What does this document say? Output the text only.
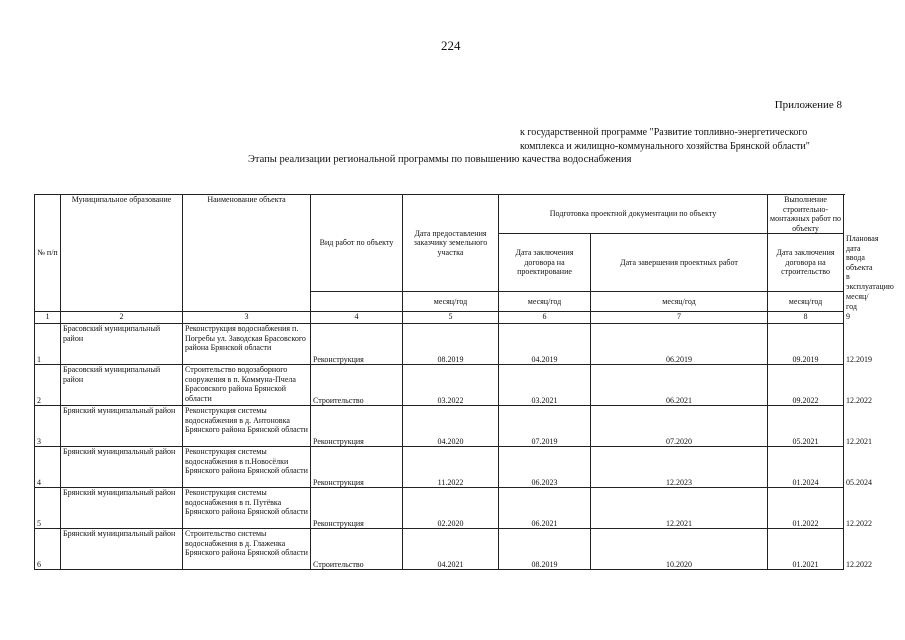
224
Приложение 8
к государственной программе "Развитие топливно-энергетического
комплекса и жилищно-коммунального хозяйства Брянской области"
Этапы реализации региональной программы по повышению качества водоснабжения
№ п/п	Муниципальное образование	Наименование объекта	Вид работ по объекту	Дата предоставления заказчику земельного участка	Подготовка проектной документации по объекту		Выполнение строительно-монтажных работ по объекту	
					Дата заключения договора на проектирование	Дата завершения проектных работ	Дата заключения договора на строительство	Плановая дата ввода объекта в эксплуатацию
				месяц/год	месяц/год	месяц/год	месяц/год	месяц/год
1	2	3	4	5	6	7	8	9
1	Брасовский муниципальный район	Реконструкция водоснабжения п. Погребы ул. Заводская Брасовского района Брянской области	Реконструкция	08.2019	04.2019	06.2019	09.2019	12.2019
2	Брасовский муниципальный район	Строительство водозаборного сооружения в п. Коммуна-Пчела Брасовского района Брянской области	Строительство	03.2022	03.2021	06.2021	09.2022	12.2022
3	Брянский муниципальный район	Реконструкция системы водоснабжения в д. Антоновка Брянского района Брянской области	Реконструкция	04.2020	07.2019	07.2020	05.2021	12.2021
4	Брянский муниципальный район	Реконструкция системы водоснабжения в п.Новосёлки Брянского района Брянской области	Реконструкция	11.2022	06.2023	12.2023	01.2024	05.2024
5	Брянский муниципальный район	Реконструкция системы водоснабжения в п. Путёвка Брянского района Брянской области	Реконструкция	02.2020	06.2021	12.2021	01.2022	12.2022
6	Брянский муниципальный район	Строительство системы водоснабжения в д. Глаженка Брянского района Брянской области	Строительство	04.2021	08.2019	10.2020	01.2021	12.2022
